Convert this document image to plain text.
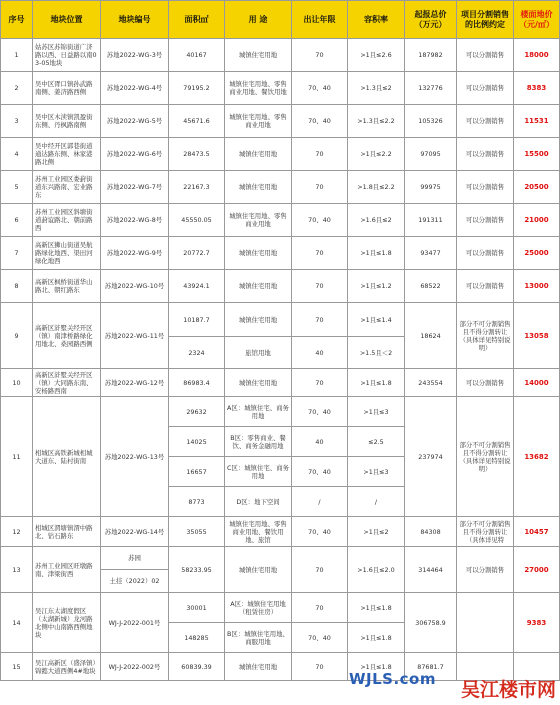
序号	地块位置	地块编号	面积㎡	用 途	出让年限	容积率	起报总价（万元）	项目分割销售的比例约定	楼面地价（元/㎡）
1	姑苏区苏锦街道广济路以西、日益路以南03-05地块	苏地2022-WG-3号	40167	城镇住宅用地	70	>1且≤2.6	187982	可以分割销售	18000
2	吴中区胥口镇孙武路南侧、姜济路西侧	苏地2022-WG-4号	79195.2	城镇住宅用地、零售商业用地、餐饮用地	70、40	>1.3且≤2	132776	可以分割销售	8383
3	吴中区木渎镇凯盈街东侧、丹枫路南侧	苏地2022-WG-5号	45671.6	城镇住宅用地、零售商业用地	70、40	>1.3且≤2.2	105326	可以分割销售	11531
4	吴中经开区郭巷街道通达路东侧、林家港路北侧	苏地2022-WG-6号	28473.5	城镇住宅用地	70	>1且≤2.2	97095	可以分割销售	15500
5	苏州工业园区娄葑街道东兴路南、宏业路东	苏地2022-WG-7号	22167.3	城镇住宅用地	70	>1.8且≤2.2	99975	可以分割销售	20500
6	苏州工业园区斜塘街道葑谊路北、朝前路西	苏地2022-WG-8号	45550.05	城镇住宅用地、零售商业用地	70、40	>1.6且≤2	191311	可以分割销售	21000
7	高新区狮山街道吴航路绿化地西、渠田河绿化地西	苏地2022-WG-9号	20772.7	城镇住宅用地	70	>1且≤1.8	93477	可以分割销售	25000
8	高新区枫桥街道华山路北、朝红路东	苏地2022-WG-10号	43924.1	城镇住宅用地	70	>1且≤1.2	68522	可以分割销售	13000
9	高新区浒墅关经开区（镇）南津桥路绿化用地北、桑园路西侧	苏地2022-WG-11号	10187.7	城镇住宅用地	70	>1且≤1.4	18624	部分不可分割销售且不得分割转让（具体详见特别说明）	13058
			2324	旅馆用地	40	>1.5且＜2			
10	高新区浒墅关经开区（镇）大同路东南、安杨路西南	苏地2022-WG-12号	86983.4	城镇住宅用地	70	>1且≤1.8	243554	可以分割销售	14000
11	相城区高铁新城相城大道东、陆村街南	苏地2022-WG-13号	29632	A区：城镇住宅、商务用地	70、40	>1且≤3	237974	部分不可分割销售且不得分割转让（具体详见特别说明）	13682
			14025	B区：零售商业、餐饮、商务金融用地	40	≤2.5			
			16657	C区：城镇住宅、商务用地	70、40	>1且≤3			
			8773	D区：地下空间	/	/			
12	相城区渭塘镇渭中路北、钻石路东	苏地2022-WG-14号	35055	城镇住宅用地、零售商业用地、餐饮用地、旅馆	70、40	>1且≤2	84308	部分不可分割销售且不得分割转让（具体详见特	10457
13	苏州工业园区旺墩路南、津梁街西	苏园	58233.95	城镇住宅用地	70	>1.6且≤2.0	314464	可以分割销售	27000
		土挂（2022）02							
14	吴江东太湖度假区（太湖新城）龙河路北侧中山南路西侧地块	WJ-J-2022-001号	30001	A区：城镇住宅用地（租赁住房）	70	>1且≤1.8	306758.9		9383
			148285	B区：城镇住宅用地、商服用地	70、40	>1且≤1.8			
15	吴江高新区（盛泽镇）锦懿大道西侧4#地块	WJ-J-2022-002号	60839.39	城镇住宅用地	70	>1且≤1.8	87681.7		
WJLS.com 吴江楼市网
